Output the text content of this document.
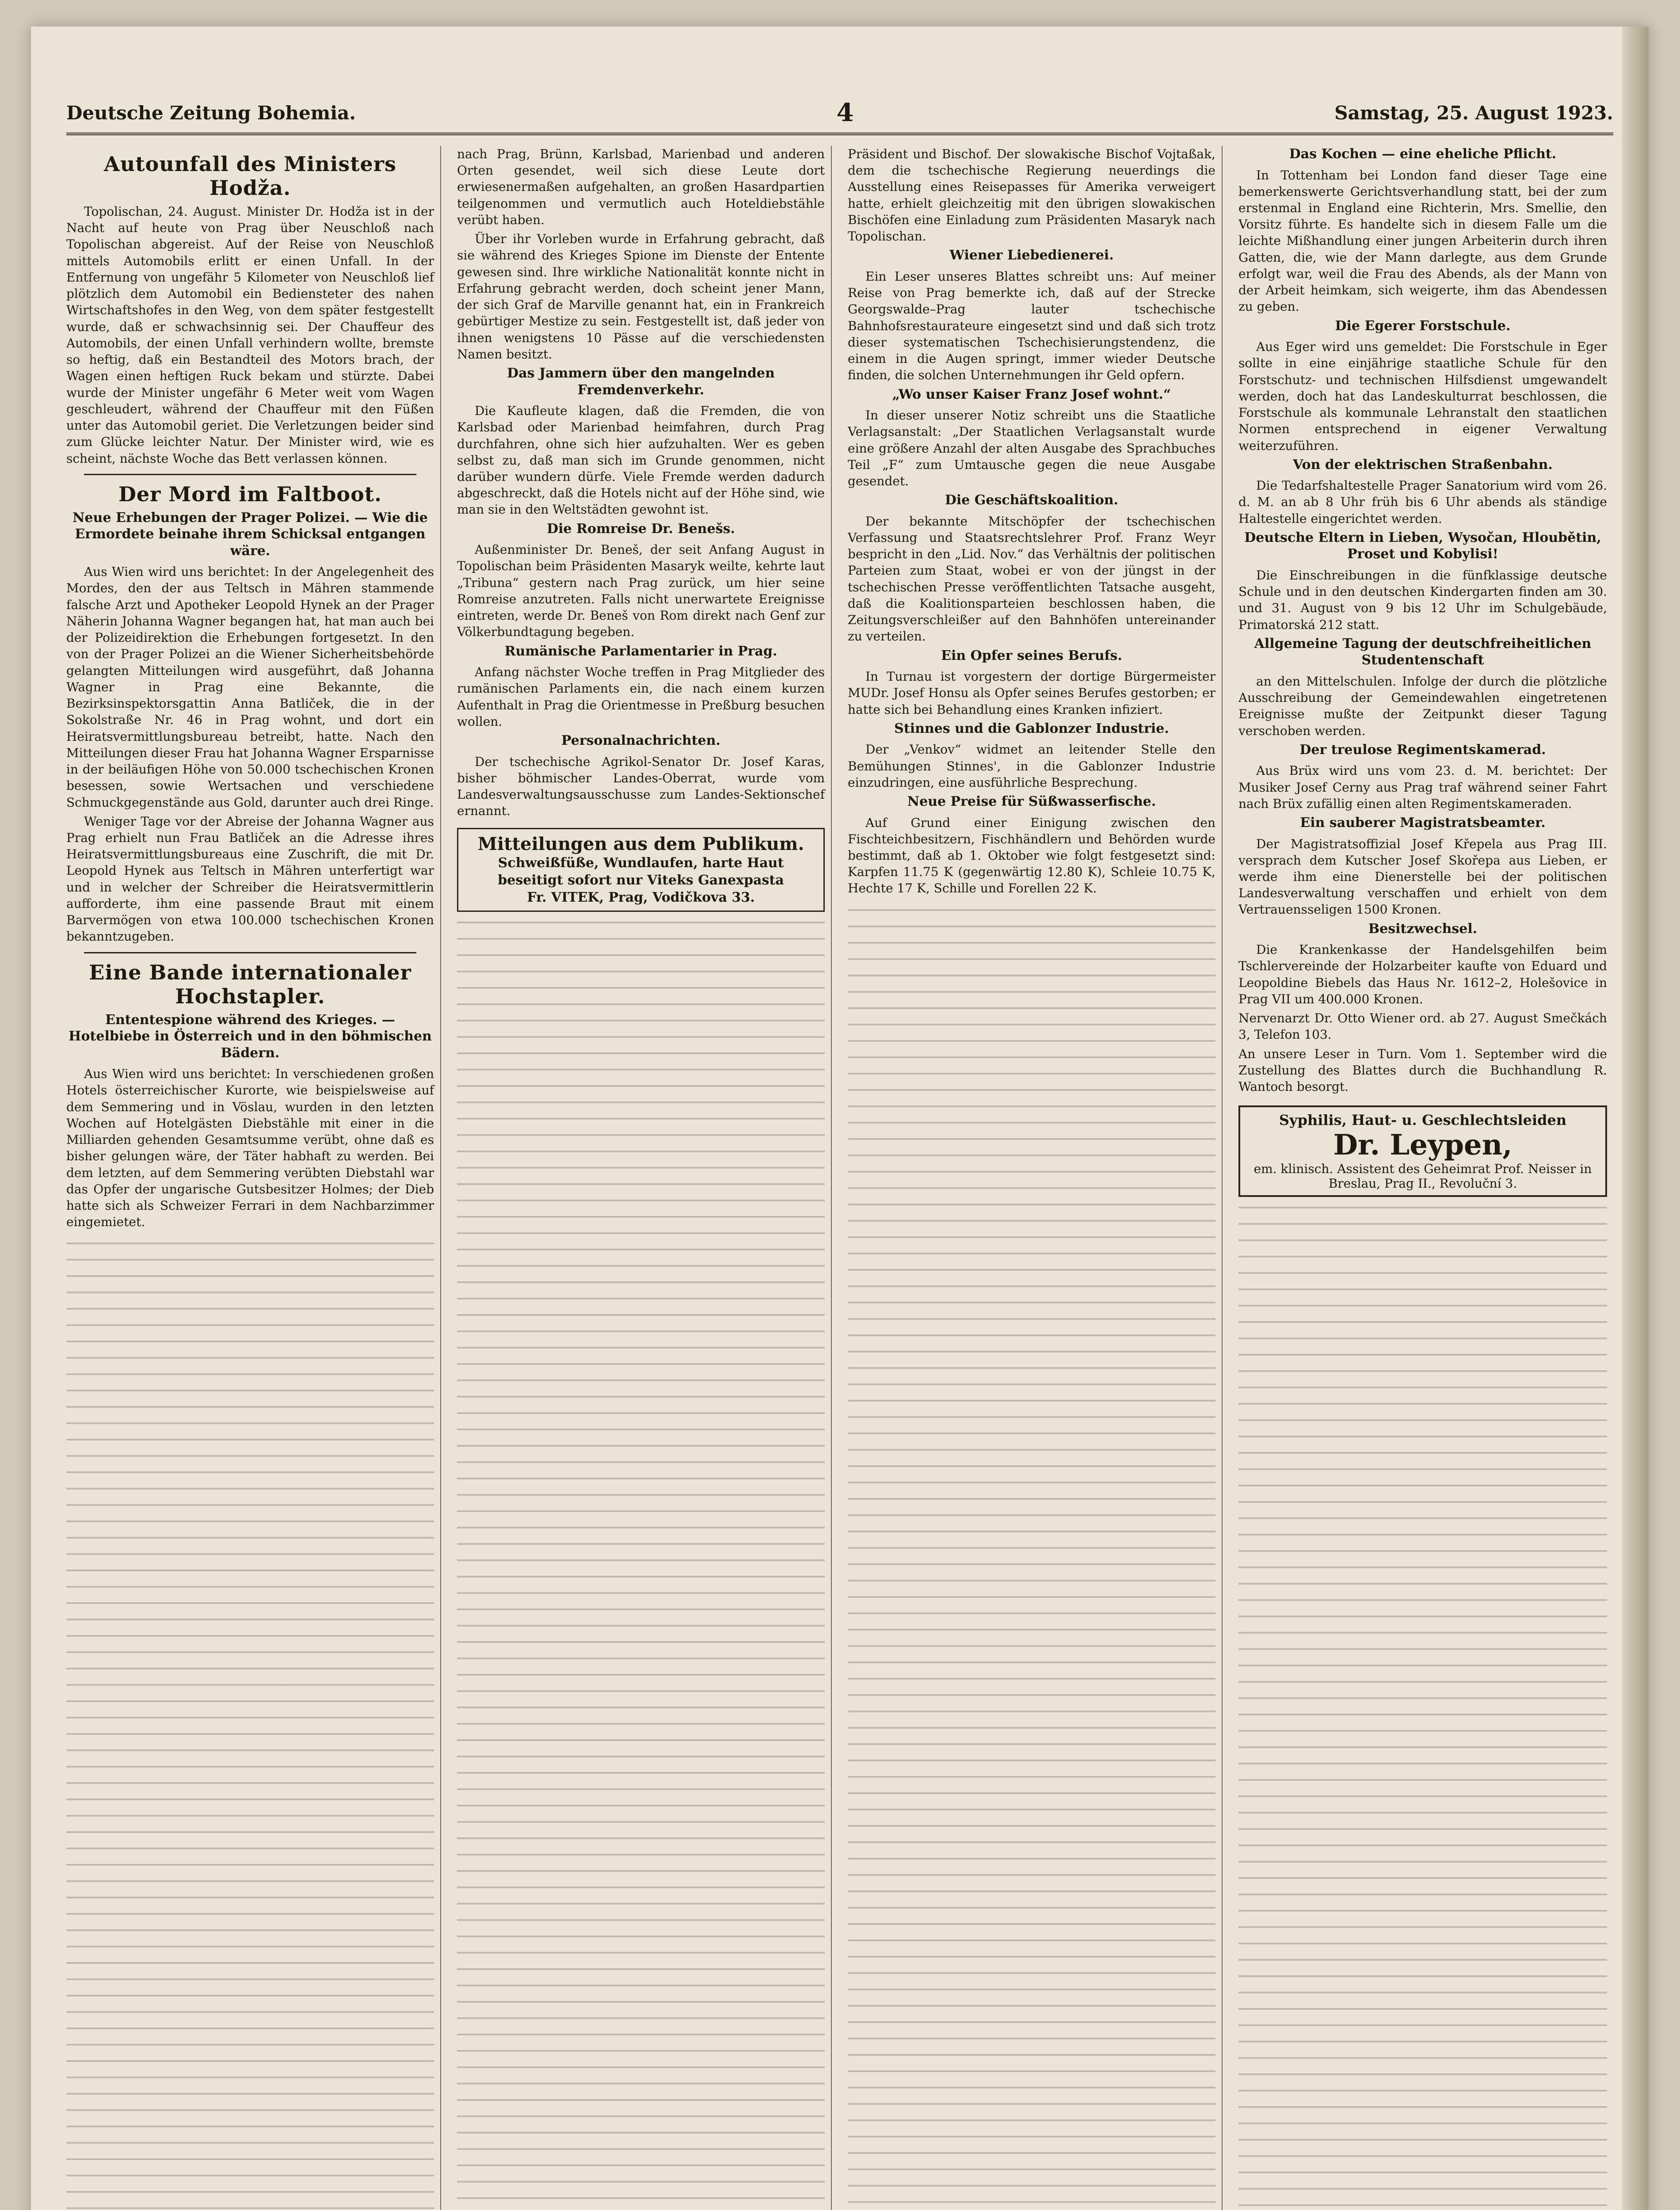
Deutsche Zeitung Bohemia.	4	Samstag, 25. August 1923.
Autounfall des Ministers Hodža.

Topolischan, 24. August. Minister Dr. Hodža ist in der Nacht auf heute von Prag über Neuschloß nach Topolischan abgereist. Auf der Reise von Neuschloß mittels Automobils erlitt er einen Unfall. In der Entfernung von ungefähr 5 Kilometer von Neuschloß lief plötzlich dem Automobil ein Bediensteter des nahen Wirtschaftshofes in den Weg, von dem später festgestellt wurde, daß er schwachsinnig sei. Der Chauffeur des Automobils, der einen Unfall verhindern wollte, bremste so heftig, daß ein Bestandteil des Motors brach, der Wagen einen heftigen Ruck bekam und stürzte. Dabei wurde der Minister ungefähr 6 Meter weit vom Wagen geschleudert, während der Chauffeur mit den Füßen unter das Automobil geriet. Die Verletzungen beider sind zum Glücke leichter Natur. Der Minister wird, wie es scheint, nächste Woche das Bett verlassen können.

Der Mord im Faltboot.
Neue Erhebungen der Prager Polizei. — Wie die Ermordete beinahe ihrem Schicksal entgangen wäre.

Aus Wien wird uns berichtet: In der Angelegenheit des Mordes, den der aus Teltsch in Mähren stammende falsche Arzt und Apotheker Leopold Hynek an der Prager Näherin Johanna Wagner begangen hat, hat man auch bei der Polizeidirektion die Erhebungen fortgesetzt. In den von der Prager Polizei an die Wiener Sicherheitsbehörde gelangten Mitteilungen wird ausgeführt, daß Johanna Wagner in Prag eine Bekannte, die Bezirksinspektorsgattin Anna Batliček, die in der Sokolstraße Nr. 46 in Prag wohnt, und dort ein Heiratsvermittlungsbureau betreibt, hatte. Nach den Mitteilungen dieser Frau hat Johanna Wagner Ersparnisse in der beiläufigen Höhe von 50.000 tschechischen Kronen besessen, sowie Wertsachen und verschiedene Schmuckgegenstände aus Gold, darunter auch drei Ringe.

Weniger Tage vor der Abreise der Johanna Wagner aus Prag erhielt nun Frau Batliček an die Adresse ihres Heiratsvermittlungsbureaus eine Zuschrift, die mit Dr. Leopold Hynek aus Teltsch in Mähren unterfertigt war und in welcher der Schreiber die Heiratsvermittlerin aufforderte, ihm eine passende Braut mit einem Barvermögen von etwa 100.000 tschechischen Kronen bekanntzugeben.

Eine Bande internationaler Hochstapler.
Ententespione während des Krieges. — Hotelbiebe in Österreich und in den böhmischen Bädern.

Aus Wien wird uns berichtet: In verschiedenen großen Hotels österreichischer Kurorte, wie beispielsweise auf dem Semmering und in Vöslau, wurden in den letzten Wochen auf Hotelgästen Diebstähle mit einer in die Milliarden gehenden Gesamtsumme verübt, ohne daß es bisher gelungen wäre, der Täter habhaft zu werden. Bei dem letzten, auf dem Semmering verübten Diebstahl war das Opfer der ungarische Gutsbesitzer Holmes; der Dieb hatte sich als Schweizer Ferrari in dem Nachbarzimmer eingemietet.

nach Prag, Brünn, Karlsbad, Marienbad und anderen Orten gesendet, weil sich diese Leute dort erwiesenermaßen aufgehalten, an großen Hasardpartien teilgenommen und vermutlich auch Hoteldiebstähle verübt haben.

Über ihr Vorleben wurde in Erfahrung gebracht, daß sie während des Krieges Spione im Dienste der Entente gewesen sind. Ihre wirkliche Nationalität konnte nicht in Erfahrung gebracht werden, doch scheint jener Mann, der sich Graf de Marville genannt hat, ein in Frankreich gebürtiger Mestize zu sein. Festgestellt ist, daß jeder von ihnen wenigstens 10 Pässe auf die verschiedensten Namen besitzt.

Das Jammern über den mangelnden Fremdenverkehr.

Die Kaufleute klagen, daß die Fremden, die von Karlsbad oder Marienbad heimfahren, durch Prag durchfahren, ohne sich hier aufzuhalten. Wer es geben selbst zu, daß man sich im Grunde genommen, nicht darüber wundern dürfe. Viele Fremde werden dadurch abgeschreckt, daß die Hotels nicht auf der Höhe sind, wie man sie in den Weltstädten gewohnt ist.

Die Romreise Dr. Benešs.

Außenminister Dr. Beneš, der seit Anfang August in Topolischan beim Präsidenten Masaryk weilte, kehrte laut „Tribuna“ gestern nach Prag zurück, um hier seine Romreise anzutreten. Falls nicht unerwartete Ereignisse eintreten, werde Dr. Beneš von Rom direkt nach Genf zur Völkerbundtagung begeben.

Rumänische Parlamentarier in Prag.

Anfang nächster Woche treffen in Prag Mitglieder des rumänischen Parlaments ein, die nach einem kurzen Aufenthalt in Prag die Orientmesse in Preßburg besuchen wollen.

Personalnachrichten.

Der tschechische Agrikol-Senator Dr. Josef Karas, bisher böhmischer Landes-Oberrat, wurde vom Landesverwaltungsausschusse zum Landes-Sektionschef ernannt.

Mitteilungen aus dem Publikum.
Schweißfüße, Wundlaufen, harte Haut
beseitigt sofort nur Viteks Ganexpasta
Fr. VITEK, Prag, Vodičkova 33.

Präsident und Bischof. Der slowakische Bischof Vojtaßak, dem die tschechische Regierung neuerdings die Ausstellung eines Reisepasses für Amerika verweigert hatte, erhielt gleichzeitig mit den übrigen slowakischen Bischöfen eine Einladung zum Präsidenten Masaryk nach Topolischan.

Wiener Liebedienerei.

Ein Leser unseres Blattes schreibt uns: Auf meiner Reise von Prag bemerkte ich, daß auf der Strecke Georgswalde–Prag lauter tschechische Bahnhofsrestaurateure eingesetzt sind und daß sich trotz dieser systematischen Tschechisierungstendenz, die einem in die Augen springt, immer wieder Deutsche finden, die solchen Unternehmungen ihr Geld opfern.

„Wo unser Kaiser Franz Josef wohnt.“

In dieser unserer Notiz schreibt uns die Staatliche Verlagsanstalt: „Der Staatlichen Verlagsanstalt wurde eine größere Anzahl der alten Ausgabe des Sprachbuches Teil „F“ zum Umtausche gegen die neue Ausgabe gesendet.

Die Geschäftskoalition.

Der bekannte Mitschöpfer der tschechischen Verfassung und Staatsrechtslehrer Prof. Franz Weyr bespricht in den „Lid. Nov.“ das Verhältnis der politischen Parteien zum Staat, wobei er von der jüngst in der tschechischen Presse veröffentlichten Tatsache ausgeht, daß die Koalitionsparteien beschlossen haben, die Zeitungsverschleißer auf den Bahnhöfen untereinander zu verteilen.

Ein Opfer seines Berufs.

In Turnau ist vorgestern der dortige Bürgermeister MUDr. Josef Honsu als Opfer seines Berufes gestorben; er hatte sich bei Behandlung eines Kranken infiziert.

Stinnes und die Gablonzer Industrie.

Der „Venkov“ widmet an leitender Stelle den Bemühungen Stinnes', in die Gablonzer Industrie einzudringen, eine ausführliche Besprechung.

Neue Preise für Süßwasserfische.

Auf Grund einer Einigung zwischen den Fischteichbesitzern, Fischhändlern und Behörden wurde bestimmt, daß ab 1. Oktober wie folgt festgesetzt sind: Karpfen 11.75 K (gegenwärtig 12.80 K), Schleie 10.75 K, Hechte 17 K, Schille und Forellen 22 K.

Das Kochen — eine eheliche Pflicht.

In Tottenham bei London fand dieser Tage eine bemerkenswerte Gerichtsverhandlung statt, bei der zum erstenmal in England eine Richterin, Mrs. Smellie, den Vorsitz führte. Es handelte sich in diesem Falle um die leichte Mißhandlung einer jungen Arbeiterin durch ihren Gatten, die, wie der Mann darlegte, aus dem Grunde erfolgt war, weil die Frau des Abends, als der Mann von der Arbeit heimkam, sich weigerte, ihm das Abendessen zu geben.

Die Egerer Forstschule.

Aus Eger wird uns gemeldet: Die Forstschule in Eger sollte in eine einjährige staatliche Schule für den Forstschutz- und technischen Hilfsdienst umgewandelt werden, doch hat das Landeskulturrat beschlossen, die Forstschule als kommunale Lehranstalt den staatlichen Normen entsprechend in eigener Verwaltung weiterzuführen.

Von der elektrischen Straßenbahn.

Die Tedarfshaltestelle Prager Sanatorium wird vom 26. d. M. an ab 8 Uhr früh bis 6 Uhr abends als ständige Haltestelle eingerichtet werden.

Deutsche Eltern in Lieben, Wysočan, Hloubětin, Proset und Kobylisi!

Die Einschreibungen in die fünfklassige deutsche Schule und in den deutschen Kindergarten finden am 30. und 31. August von 9 bis 12 Uhr im Schulgebäude, Primatorská 212 statt.

Allgemeine Tagung der deutschfreiheitlichen Studentenschaft

an den Mittelschulen. Infolge der durch die plötzliche Ausschreibung der Gemeindewahlen eingetretenen Ereignisse mußte der Zeitpunkt dieser Tagung verschoben werden.

Der treulose Regimentskamerad.

Aus Brüx wird uns vom 23. d. M. berichtet: Der Musiker Josef Cerny aus Prag traf während seiner Fahrt nach Brüx zufällig einen alten Regimentskameraden.

Ein sauberer Magistratsbeamter.

Der Magistratsoffizial Josef Křepela aus Prag III. versprach dem Kutscher Josef Skořepa aus Lieben, er werde ihm eine Dienerstelle bei der politischen Landesverwaltung verschaffen und erhielt von dem Vertrauensseligen 1500 Kronen.

Besitzwechsel.

Die Krankenkasse der Handelsgehilfen beim Tschlervereinde der Holzarbeiter kaufte von Eduard und Leopoldine Biebels das Haus Nr. 1612–2, Holešovice in Prag VII um 400.000 Kronen.

Nervenarzt Dr. Otto Wiener ord. ab 27. August Smečkách 3, Telefon 103.

An unsere Leser in Turn. Vom 1. September wird die Zustellung des Blattes durch die Buchhandlung R. Wantoch besorgt.

Syphilis, Haut- u. Geschlechtsleiden
Dr. Leypen,
em. klinisch. Assistent des Geheimrat Prof. Neisser in Breslau, Prag II., Revoluční 3.
